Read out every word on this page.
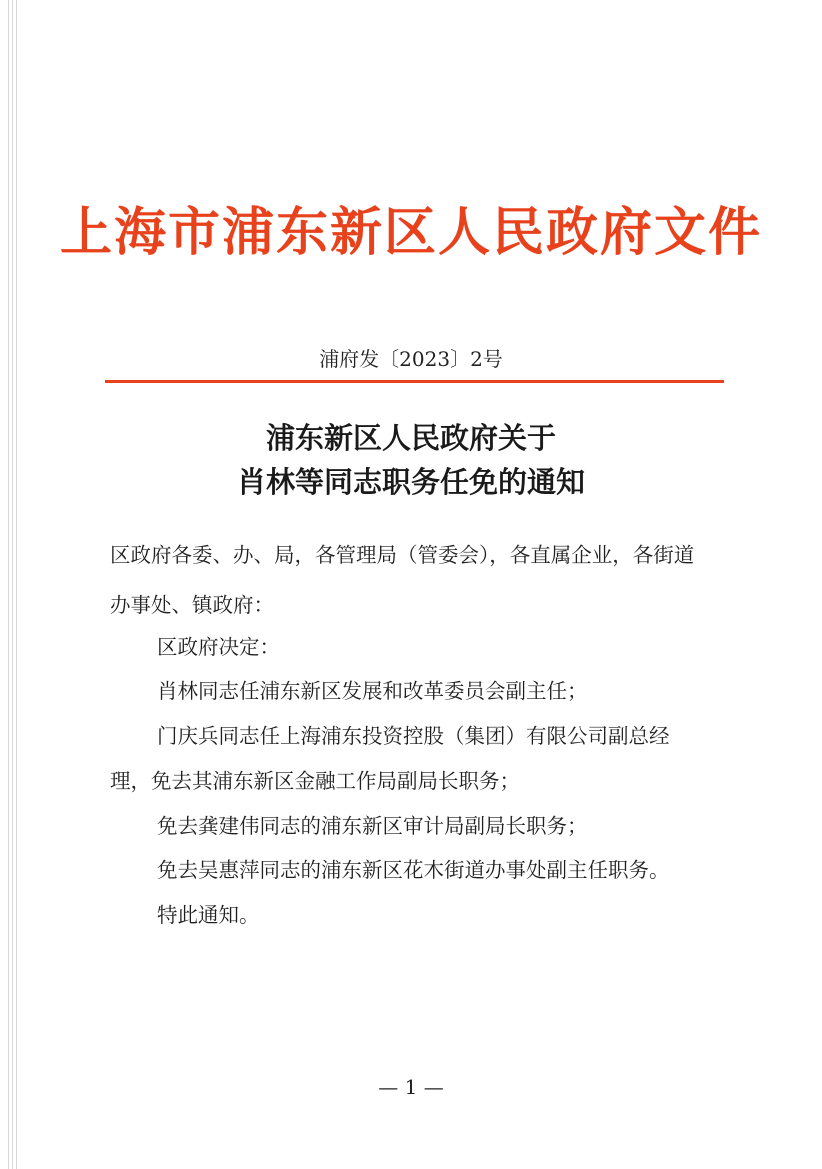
上海市浦东新区人民政府文件
浦府发〔2023〕2号
浦东新区人民政府关于
肖林等同志职务任免的通知
区政府各委、办、局，各管理局（管委会），各直属企业，各街道
办事处、镇政府：
区政府决定：
肖林同志任浦东新区发展和改革委员会副主任；
门庆兵同志任上海浦东投资控股（集团）有限公司副总经
理，免去其浦东新区金融工作局副局长职务；
免去龚建伟同志的浦东新区审计局副局长职务；
免去吴惠萍同志的浦东新区花木街道办事处副主任职务。
特此通知。
— 1 —
